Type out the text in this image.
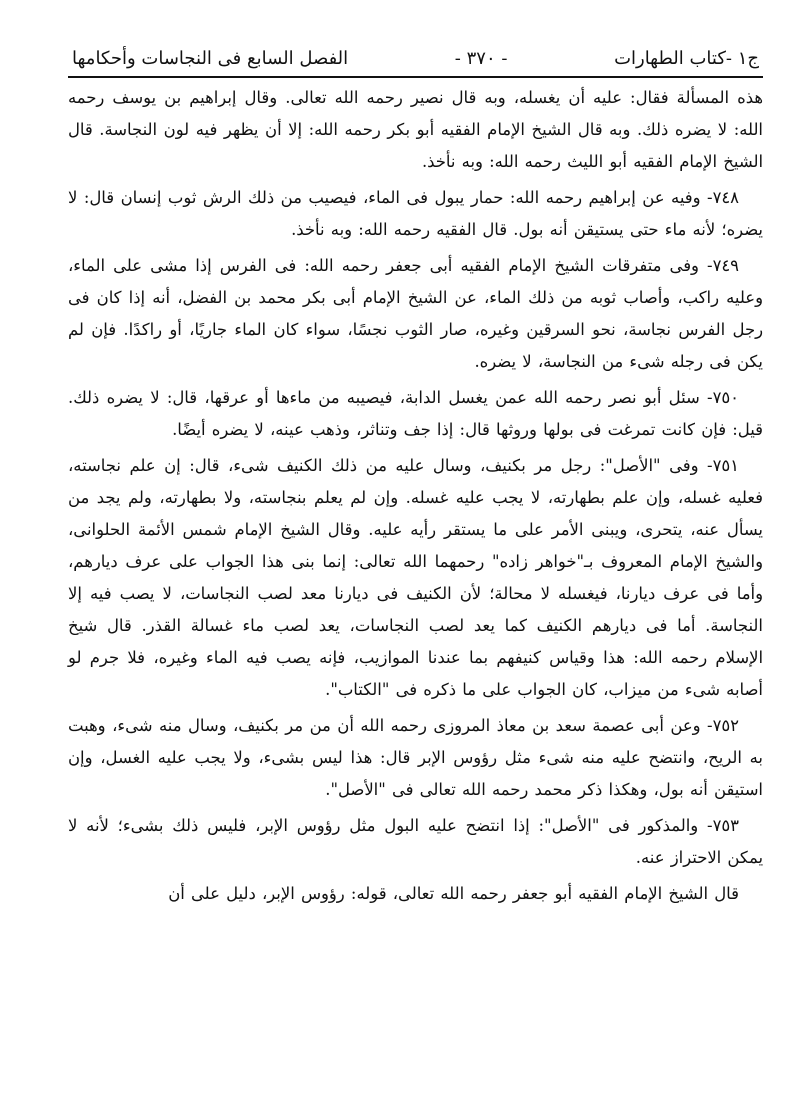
ج١ -كتاب الطهارات
- ٣٧٠ -
الفصل السابع فى النجاسات وأحكامها

هذه المسألة فقال: عليه أن يغسله، وبه قال نصير رحمه الله تعالى. وقال إبراهيم بن يوسف رحمه الله: لا يضره ذلك. وبه قال الشيخ الإمام الفقيه أبو بكر رحمه الله: إلا أن يظهر فيه لون النجاسة. قال الشيخ الإمام الفقيه أبو الليث رحمه الله: وبه نأخذ.

٧٤٨- وفيه عن إبراهيم رحمه الله: حمار يبول فى الماء، فيصيب من ذلك الرش ثوب إنسان قال: لا يضره؛ لأنه ماء حتى يستيقن أنه بول. قال الفقيه رحمه الله: وبه نأخذ.

٧٤٩- وفى متفرقات الشيخ الإمام الفقيه أبى جعفر رحمه الله: فى الفرس إذا مشى على الماء، وعليه راكب، وأصاب ثوبه من ذلك الماء، عن الشيخ الإمام أبى بكر محمد بن الفضل، أنه إذا كان فى رجل الفرس نجاسة، نحو السرقين وغيره، صار الثوب نجسًا، سواء كان الماء جاريًا، أو راكدًا. فإن لم يكن فى رجله شىء من النجاسة، لا يضره.

٧٥٠- سئل أبو نصر رحمه الله عمن يغسل الدابة، فيصيبه من ماءها أو عرقها، قال: لا يضره ذلك. قيل: فإن كانت تمرغت فى بولها وروثها قال: إذا جف وتناثر، وذهب عينه، لا يضره أيضًا.

٧٥١- وفى "الأصل": رجل مر بكنيف، وسال عليه من ذلك الكنيف شىء، قال: إن علم نجاسته، فعليه غسله، وإن علم بطهارته، لا يجب عليه غسله. وإن لم يعلم بنجاسته، ولا بطهارته، ولم يجد من يسأل عنه، يتحرى، ويبنى الأمر على ما يستقر رأيه عليه. وقال الشيخ الإمام شمس الأئمة الحلوانى، والشيخ الإمام المعروف بـ"خواهر زاده" رحمهما الله تعالى: إنما بنى هذا الجواب على عرف ديارهم، وأما فى عرف ديارنا، فيغسله لا محالة؛ لأن الكنيف فى ديارنا معد لصب النجاسات، لا يصب فيه إلا النجاسة. أما فى ديارهم الكنيف كما يعد لصب النجاسات، يعد لصب ماء غسالة القذر. قال شيخ الإسلام رحمه الله: هذا وقياس كنيفهم بما عندنا الموازيب، فإنه يصب فيه الماء وغيره، فلا جرم لو أصابه شىء من ميزاب، كان الجواب على ما ذكره فى "الكتاب".

٧٥٢- وعن أبى عصمة سعد بن معاذ المروزى رحمه الله أن من مر بكنيف، وسال منه شىء، وهبت به الريح، وانتضح عليه منه شىء مثل رؤوس الإبر قال: هذا ليس بشىء، ولا يجب عليه الغسل، وإن استيقن أنه بول، وهكذا ذكر محمد رحمه الله تعالى فى "الأصل".

٧٥٣- والمذكور فى "الأصل": إذا انتضح عليه البول مثل رؤوس الإبر، فليس ذلك بشىء؛ لأنه لا يمكن الاحتراز عنه.

قال الشيخ الإمام الفقيه أبو جعفر رحمه الله تعالى، قوله: رؤوس الإبر، دليل على أن
